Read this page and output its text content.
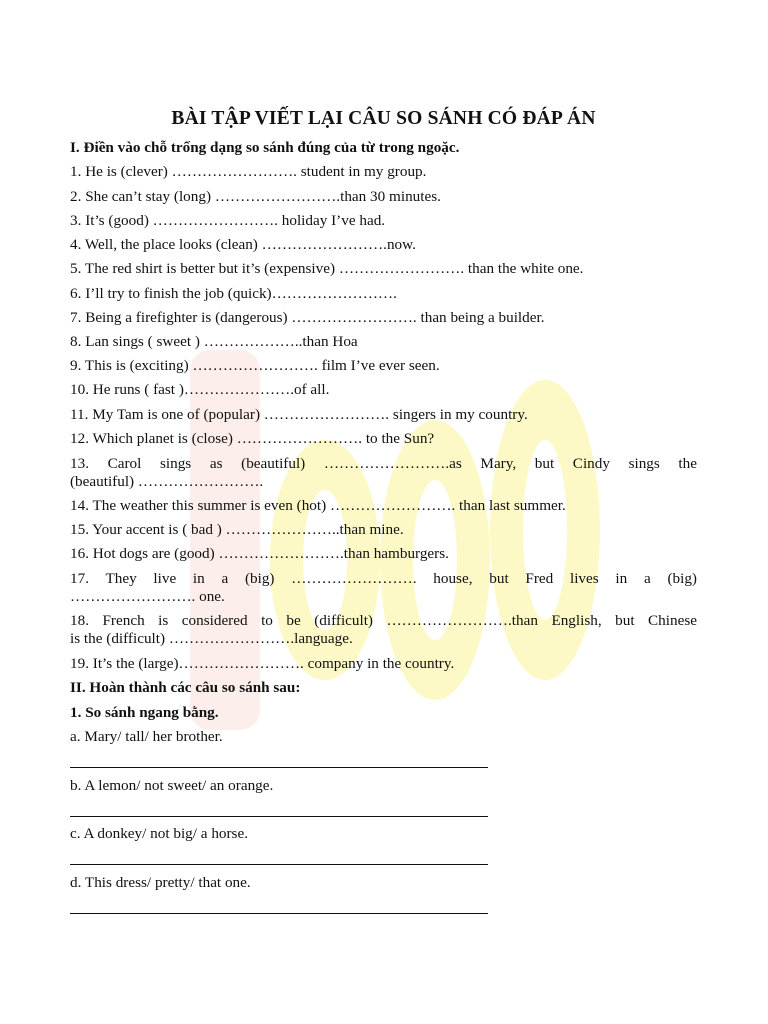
BÀI TẬP VIẾT LẠI CÂU SO SÁNH CÓ ĐÁP ÁN
I. Điền vào chỗ trống dạng so sánh đúng của từ trong ngoặc.
1. He is (clever) ……………………. student in my group.
2. She can’t stay (long) …………………….than 30 minutes.
3. It’s (good) ……………………. holiday I’ve had.
4. Well, the place looks (clean) …………………….now.
5. The red shirt is better but it’s (expensive) ……………………. than the white one.
6. I’ll try to finish the job (quick)…………………….
7. Being a firefighter is (dangerous) ……………………. than being a builder.
8. Lan sings ( sweet ) ………………..than Hoa
9. This is (exciting) ……………………. film I’ve ever seen.
10. He runs ( fast )………………….of all.
11. My Tam is one of (popular) ……………………. singers in my country.
12. Which planet is (close) ……………………. to the Sun?
13. Carol sings as (beautiful) …………………….as Mary, but Cindy sings the
(beautiful) …………………….
14. The weather this summer is even (hot) ……………………. than last summer.
15. Your accent is ( bad ) …………………..than mine.
16. Hot dogs are (good) …………………….than hamburgers.
17. They live in a (big) ……………………. house, but Fred lives in a (big)
……………………. one.
18. French is considered to be (difficult) …………………….than English, but Chinese
is the (difficult) …………………….language.
19. It’s the (large)……………………. company in the country.
II. Hoàn thành các câu so sánh sau:
1. So sánh ngang bằng.
a. Mary/ tall/ her brother.
b. A lemon/ not sweet/ an orange.
c. A donkey/ not big/ a horse.
d. This dress/ pretty/ that one.
